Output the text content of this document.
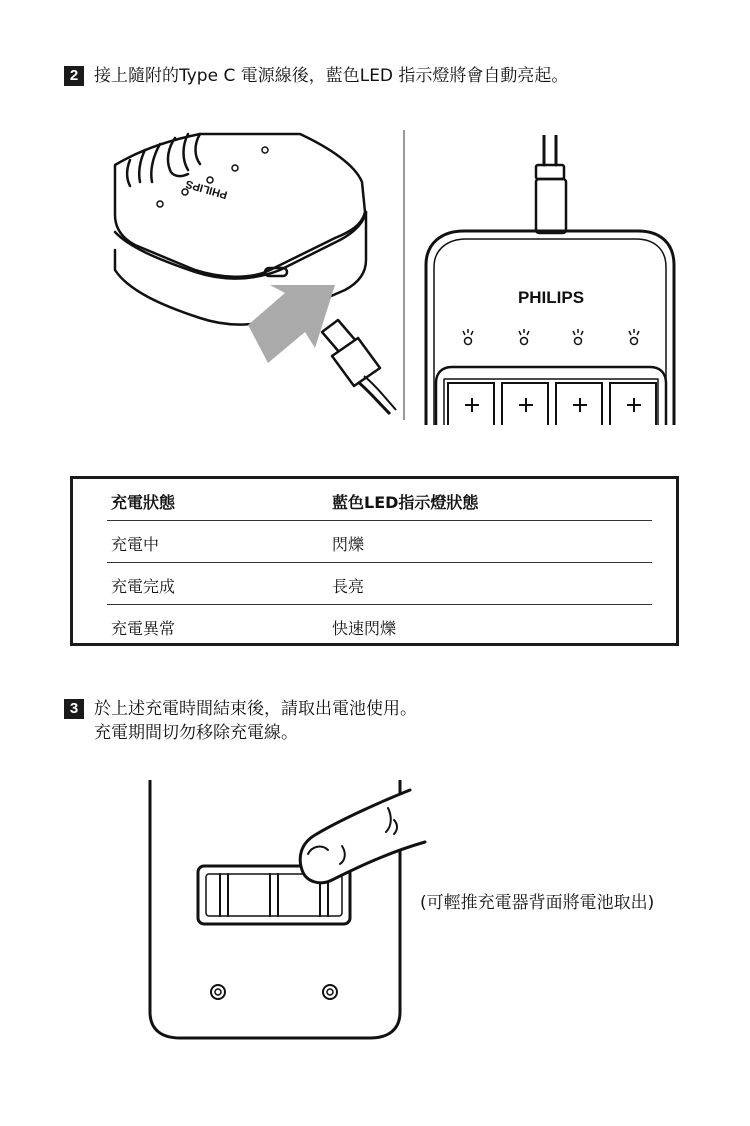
2 接上隨附的Type C 電源線後，藍色LED 指示燈將會自動亮起。
PHILIPS
PHILIPS
充電狀態	藍色LED指示燈狀態
充電中	閃爍
充電完成	長亮
充電異常	快速閃爍
3 於上述充電時間結束後，請取出電池使用。
充電期間切勿移除充電線。
(可輕推充電器背面將電池取出)
